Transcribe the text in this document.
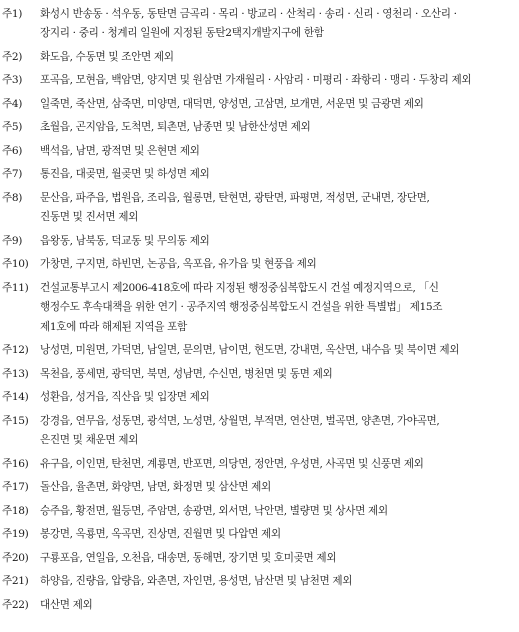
주1)	화성시 반송동 · 석우동, 동탄면 금곡리 · 목리 · 방교리 · 산척리 · 송리 · 신리 · 영천리 · 오산리 ·
장지리 · 중리 · 청계리 일원에 지정된 동탄2택지개발지구에 한함
주2)	화도읍, 수동면 및 조안면 제외
주3)	포곡읍, 모현읍, 백암면, 양지면 및 원삼면 가재월리 · 사암리 · 미평리 · 좌항리 · 맹리 · 두창리 제외
주4)	일죽면, 죽산면, 삼죽면, 미양면, 대덕면, 양성면, 고삼면, 보개면, 서운면 및 금광면 제외
주5)	초월읍, 곤지암읍, 도척면, 퇴촌면, 남종면 및 남한산성면 제외
주6)	백석읍, 남면, 광적면 및 은현면 제외
주7)	통진읍, 대곶면, 월곶면 및 하성면 제외
주8)	문산읍, 파주읍, 법원읍, 조리읍, 월롱면, 탄현면, 광탄면, 파평면, 적성면, 군내면, 장단면,
진동면 및 진서면 제외
주9)	읍왕동, 남북동, 덕교동 및 무의동 제외
주10)	가창면, 구지면, 하빈면, 논공읍, 옥포읍, 유가읍 및 현풍읍 제외
주11)	건설교통부고시 제2006-418호에 따라 지정된 행정중심복합도시 건설 예정지역으로, 「신
행정수도 후속대책을 위한 연기 · 공주지역 행정중심복합도시 건설을 위한 특별법」 제15조
제1호에 따라 해제된 지역을 포함
주12)	낭성면, 미원면, 가덕면, 남일면, 문의면, 남이면, 현도면, 강내면, 옥산면, 내수읍 및 북이면 제외
주13)	목천읍, 풍세면, 광덕면, 북면, 성남면, 수신면, 병천면 및 동면 제외
주14)	성환읍, 성거읍, 직산읍 및 입장면 제외
주15)	강경읍, 연무읍, 성동면, 광석면, 노성면, 상월면, 부적면, 연산면, 벌곡면, 양촌면, 가야곡면,
은진면 및 채운면 제외
주16)	유구읍, 이인면, 탄천면, 계룡면, 반포면, 의당면, 정안면, 우성면, 사곡면 및 신풍면 제외
주17)	돌산읍, 율촌면, 화양면, 남면, 화정면 및 삼산면 제외
주18)	승주읍, 황전면, 월등면, 주암면, 송광면, 외서면, 낙안면, 별량면 및 상사면 제외
주19)	봉강면, 옥룡면, 옥곡면, 진상면, 진월면 및 다압면 제외
주20)	구룡포읍, 연일읍, 오천읍, 대송면, 동해면, 장기면 및 호미곶면 제외
주21)	하양읍, 진량읍, 압량읍, 와촌면, 자인면, 용성면, 남산면 및 남천면 제외
주22)	대산면 제외
